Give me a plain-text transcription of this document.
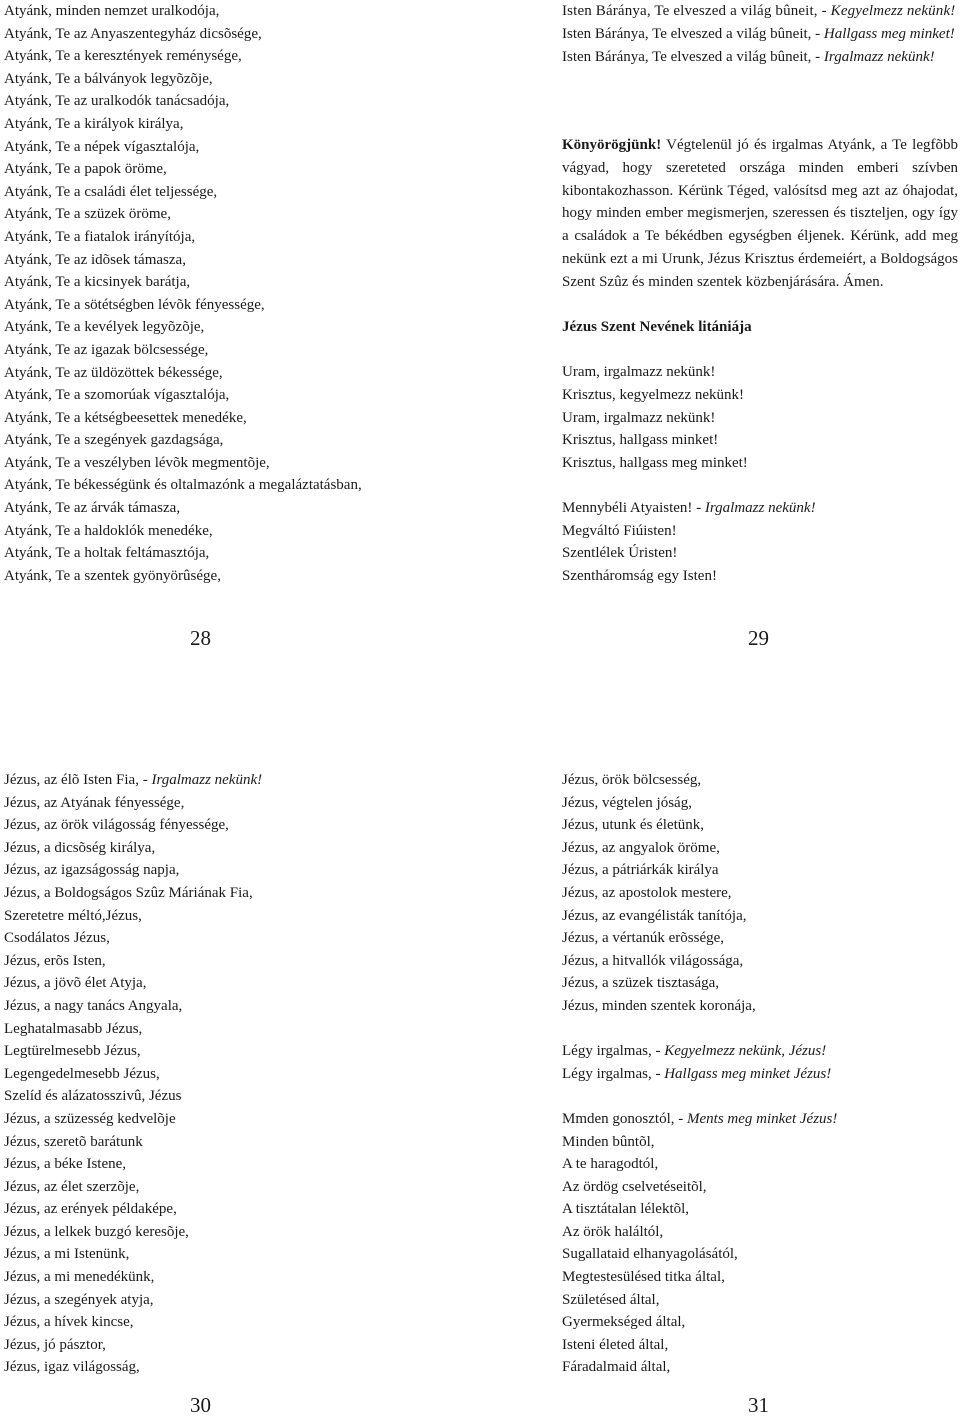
Atyánk, minden nemzet uralkodója,
Atyánk, Te az Anyaszentegyház dicsõsége,
Atyánk, Te a keresztények reménysége,
Atyánk, Te a bálványok legyõzõje,
Atyánk, Te az uralkodók tanácsadója,
Atyánk, Te a királyok királya,
Atyánk, Te a népek vígasztalója,
Atyánk, Te a papok öröme,
Atyánk, Te a családi élet teljessége,
Atyánk, Te a szüzek öröme,
Atyánk, Te a fiatalok irányítója,
Atyánk, Te az idõsek támasza,
Atyánk, Te a kicsinyek barátja,
Atyánk, Te a sötétségben lévõk fényessége,
Atyánk, Te a kevélyek legyõzõje,
Atyánk, Te az igazak bölcsessége,
Atyánk, Te az üldözöttek békessége,
Atyánk, Te a szomorúak vígasztalója,
Atyánk, Te a kétségbeesettek menedéke,
Atyánk, Te a szegények gazdagsága,
Atyánk, Te a veszélyben lévõk megmentõje,
Atyánk, Te békességünk és oltalmazónk a megaláztatásban,
Atyánk, Te az árvák támasza,
Atyánk, Te a haldoklók menedéke,
Atyánk, Te a holtak feltámasztója,
Atyánk, Te a szentek gyönyörûsége,
28
Isten Báránya, Te elveszed a világ bûneit, - Kegyelmezz nekünk!
Isten Báránya, Te elveszed a világ bûneit, - Hallgass meg minket!
Isten Báránya, Te elveszed a világ bûneit, - Irgalmazz nekünk!
Könyörögjünk! Végtelenül jó és irgalmas Atyánk, a Te legfõbb vágyad, hogy szereteted országa minden emberi szívben kibontakozhasson. Kérünk Téged, valósítsd meg azt az óhajodat, hogy minden ember megismerjen, szeressen és tiszteljen, ogy így a családok a Te békédben egységben éljenek. Kérünk, add meg nekünk ezt a mi Urunk, Jézus Krisztus érdemeiért, a Boldogságos Szent Szûz és minden szentek közbenjárására. Ámen.
Jézus Szent Nevének litániája
Uram, irgalmazz nekünk!
Krisztus, kegyelmezz nekünk!
Uram, irgalmazz nekünk!
Krisztus, hallgass minket!
Krisztus, hallgass meg minket!
Mennybéli Atyaisten! - Irgalmazz nekünk!
Megváltó Fiúisten!
Szentlélek Úristen!
Szentháromság egy Isten!
29
Jézus, az élõ Isten Fia, - Irgalmazz nekünk!
Jézus, az Atyának fényessége,
Jézus, az örök világosság fényessége,
Jézus, a dicsõség királya,
Jézus, az igazságosság napja,
Jézus, a Boldogságos Szûz Máriának Fia,
Szeretetre méltó,Jézus,
Csodálatos Jézus,
Jézus, erõs Isten,
Jézus, a jövõ élet Atyja,
Jézus, a nagy tanács Angyala,
Leghatalmasabb Jézus,
Legtürelmesebb Jézus,
Legengedelmesebb Jézus,
Szelíd és alázatosszivû, Jézus
Jézus, a szüzesség kedvelõje
Jézus, szeretõ barátunk
Jézus, a béke Istene,
Jézus, az élet szerzõje,
Jézus, az erények példaképe,
Jézus, a lelkek buzgó keresõje,
Jézus, a mi Istenünk,
Jézus, a mi menedékünk,
Jézus, a szegények atyja,
Jézus, a hívek kincse,
Jézus, jó pásztor,
Jézus, igaz világosság,
30
Jézus, örök bölcsesség,
Jézus, végtelen jóság,
Jézus, utunk és életünk,
Jézus, az angyalok öröme,
Jézus, a pátriárkák királya
Jézus, az apostolok mestere,
Jézus, az evangélisták tanítója,
Jézus, a vértanúk erõssége,
Jézus, a hitvallók világossága,
Jézus, a szüzek tisztasága,
Jézus, minden szentek koronája,
Légy irgalmas, - Kegyelmezz nekünk, Jézus!
Légy irgalmas, - Hallgass meg minket Jézus!
Mmden gonosztól, - Ments meg minket Jézus!
Minden bûntõl,
A te haragodtól,
Az ördög cselvetéseitõl,
A tisztátalan lélektõl,
Az örök haláltól,
Sugallataid elhanyagolásától,
Megtestesülésed titka által,
Születésed által,
Gyermekséged által,
Isteni életed által,
Fáradalmaid által,
31
